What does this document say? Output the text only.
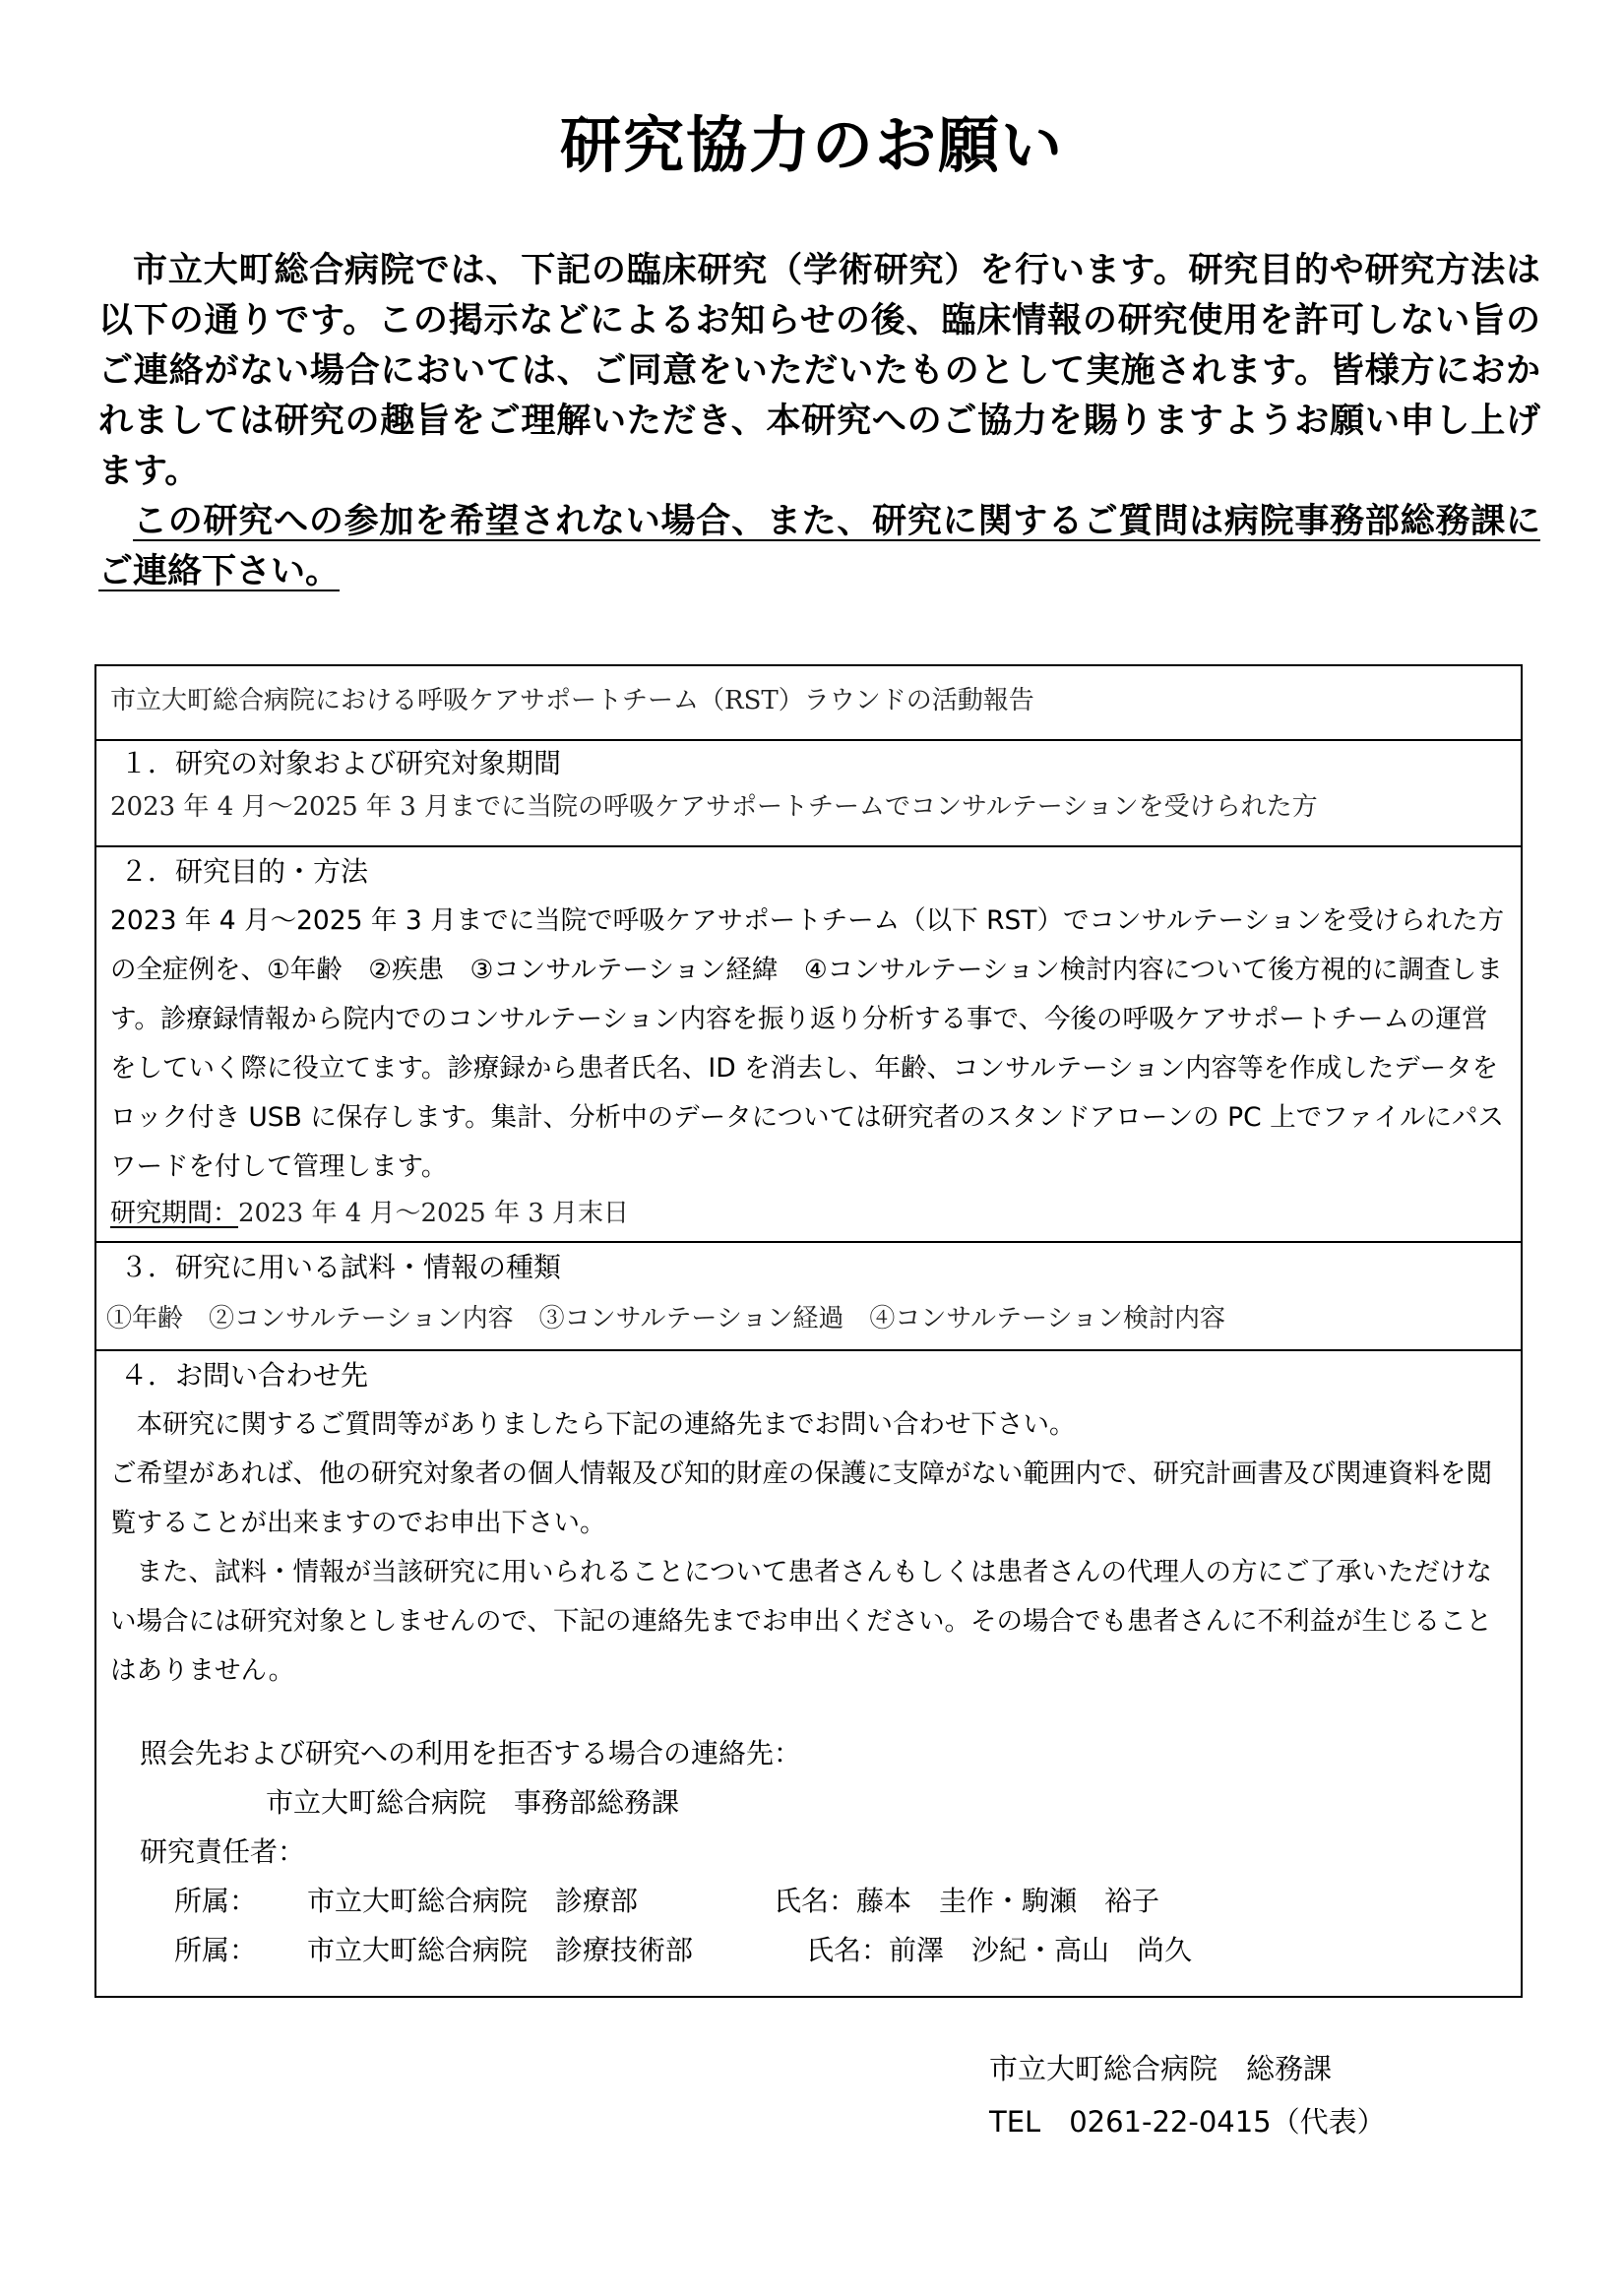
研究協力のお願い

市立大町総合病院では、下記の臨床研究（学術研究）を行います。研究目的や研究方法は以下の通りです。この掲示などによるお知らせの後、臨床情報の研究使用を許可しない旨のご連絡がない場合においては、ご同意をいただいたものとして実施されます。皆様方におかれましては研究の趣旨をご理解いただき、本研究へのご協力を賜りますようお願い申し上げます。

この研究への参加を希望されない場合、また、研究に関するご質問は病院事務部総務課にご連絡下さい。

市立大町総合病院における呼吸ケアサポートチーム（RST）ラウンドの活動報告
１．研究の対象および研究対象期間
2023 年 4 月～2025 年 3 月までに当院の呼吸ケアサポートチームでコンサルテーションを受けられた方
２．研究目的・方法
2023 年 4 月～2025 年 3 月までに当院で呼吸ケアサポートチーム（以下 RST）でコンサルテーションを受けられた方の全症例を、①年齢　②疾患　③コンサルテーション経緯　④コンサルテーション検討内容について後方視的に調査します。診療録情報から院内でのコンサルテーション内容を振り返り分析する事で、今後の呼吸ケアサポートチームの運営をしていく際に役立てます。診療録から患者氏名、ID を消去し、年齢、コンサルテーション内容等を作成したデータをロック付き USB に保存します。集計、分析中のデータについては研究者のスタンドアローンの PC 上でファイルにパスワードを付して管理します。
研究期間： 2023 年 4 月～2025 年 3 月末日
３．研究に用いる試料・情報の種類
①年齢　②コンサルテーション内容　③コンサルテーション経過　④コンサルテーション検討内容
４．お問い合わせ先
本研究に関するご質問等がありましたら下記の連絡先までお問い合わせ下さい。
ご希望があれば、他の研究対象者の個人情報及び知的財産の保護に支障がない範囲内で、研究計画書及び関連資料を閲覧することが出来ますのでお申出下さい。
また、試料・情報が当該研究に用いられることについて患者さんもしくは患者さんの代理人の方にご了承いただけない場合には研究対象としませんので、下記の連絡先までお申出ください。その場合でも患者さんに不利益が生じることはありません。
照会先および研究への利用を拒否する場合の連絡先：
市立大町総合病院　事務部総務課
研究責任者：
所属：	市立大町総合病院　診療部	氏名： 藤本　圭作・駒瀬　裕子
所属：	市立大町総合病院　診療技術部	氏名： 前澤　沙紀・高山　尚久
市立大町総合病院　総務課
TEL　0261-22-0415（代表）
